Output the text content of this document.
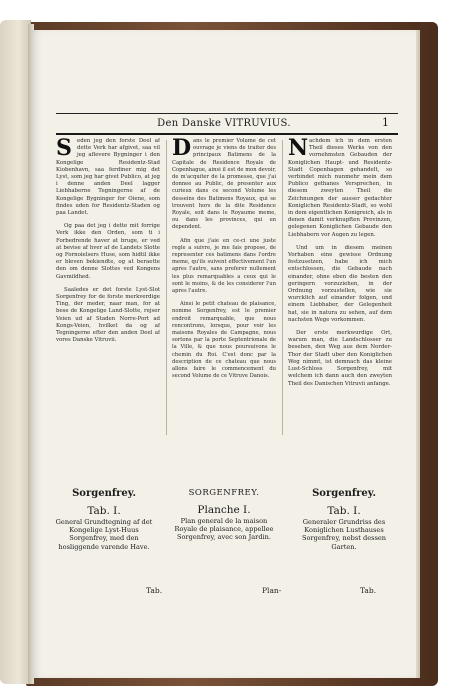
Den Danske VITRUVIUS.	1

Seden jeg den forste Deel af dette Verk har afgivet, saa vil jeg aflevere Bygninger i den Kongelige Residentz-Stad Kiobenhavn, saa ferdiner mig det Lyst, som jeg har givet Publico, at jeg i denne anden Deel lagger Liebhaberne Tegningerne af de Kongelige Bygninger for Oiene, som findes uden for Residentz-Staden og paa Landet.

Og paa det jeg i dette mit forrige Verk ikke den Orden, som ti i Forbedrende haver at bruge, er ved at bevise af hver af de Landets Slotte og Fornoielsers Huse, som hidtil ikke er bleven bekiendte, og at beraette den om denne Slottes ved Kongens Gavmildhed.

Saaledes er det forste Lyst-Slot Sorgenfrey for de forste merkverdige Ting, der meder, naar man, for at bese de Kongelige Land-Slotte, rejser Veien ud af Staden Norre-Port ad Kongs-Veien, hvilket da og af Tegningerne efter den anden Deel af vores Danske Vitruvii.

Dans le premier Volume de cet ouvrage je viens de traiter des principaux Batimens de la Capitale de Residence Royale de Copenhague, ainsi il est de mon devoir, de m'acquiter de la promesse, que j'ai donnee au Public, de presenter aux curieux dans ce second Volume les desseins des Batimens Royaux, qui se trouvent hors de la dite Residence Royale, soit dans le Royaume meme, ou dans les provinces, qui en dependent.

Afin que j'aie en ce-ci une juste regle a suivre, je me fais propose, de representer ces batimens dans l'ordre meme, qu'ils suivent effectivement l'un apres l'autre, sans preferer nullement les plus remarquables a ceux qui le sont le moins, & de les considerer l'un apres l'autre.

Ainsi le petit chateau de plaisance, nomme Sorgenfrey, est le premier endroit remarquable, que nous rencontrons, lorsque, pour voir les maisons Royales de Campagne, nous sortons par la porte Septentrionale de la Ville, & que nous poursuivons le chemin du Roi. C'est donc par la description de ce chateau que nous allons faire le commencement du second Volume de ce Vitruve Danois.

Nachdem ich in dem ersten Theil dieses Werks von den vornehmsten Gebauden der Koniglichen Haupt- und Residentz-Stadt Copenhagen gehandelt, so verbindet mich nunmehr mein dem Publico gethanes Versprechen, in diesem zweyten Theil die Zeichnungen der ausser gedachter Koniglichen Residentz-Stadt, so wohl in dem eigentlichen Konigreich, als in denen damit verknupften Provinzen, gelegenen Koniglichen Gebaude den Liebhabern vor Augen zu legen.

Und um in diesem meinen Vorhaben eine gewisse Ordnung festzusetzen, habe ich mich entschlossen, die Gebaude nach einander, ohne eben die besten den geringern vorzuziehen, in der Ordnung vorzustellen, wie sie wurcklich auf einander folgen, und einem Liebhaber, der Gelegenheit hat, sie in natura zu sehen, auf dem nachsten Wege vorkommen.

Der erste merkwurdige Ort, warum man, die Landschlosser zu besehen, den Weg aus dem Norder-Thor der Stadt uber den Koniglichen Weg nimmt, ist demnach das kleine Lust-Schloss Sorgenfrey, mit welchem ich dann auch den zweyten Theil des Danischen Vitruvii anfange.

Sorgenfrey.
Tab. I.
General Grundtegning af det Kongelige Lyst-Huus Sorgenfrey, med den hosliggende varende Have.
SORGENFREY.
Planche I.
Plan general de la maison Royale de plaisance, appellee Sorgenfrey, avec son Jardin.
Sorgenfrey.
Tab. I.
Generaler Grundriss des Koniglichen Lusthauses Sorgenfrey, nebst dessen Garten.
Tab.	Plan-	Tab.
